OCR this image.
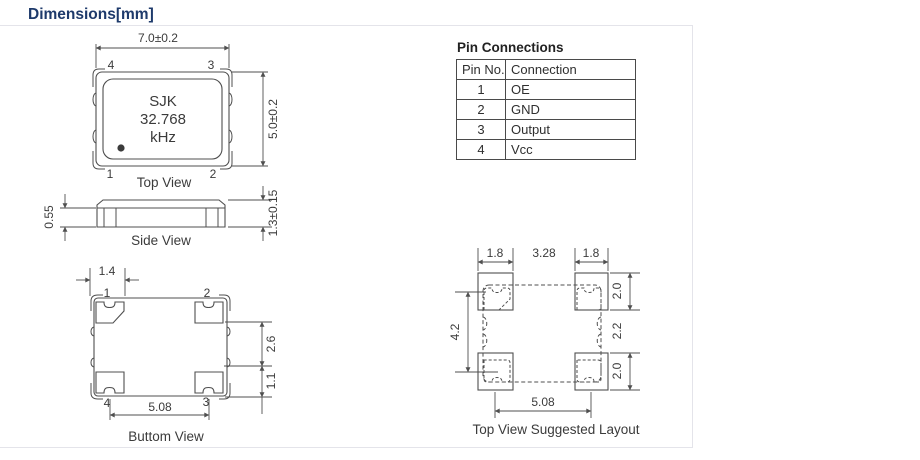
Dimensions[mm]
SJK
32.768
kHz
4	3
1	2
7.0±0.2
5.0±0.2
Top View
0.55	1.3±0.15
Side View
1	2
4	3
1.4
2.6
1.1
5.08
Buttom View
1.8 3.28 1.8
4.2
2.0
2.2
2.0
5.08
Top View Suggested Layout
Pin Connections
Pin No.	Connection
1	OE
2	GND
3	Output
4	Vcc
